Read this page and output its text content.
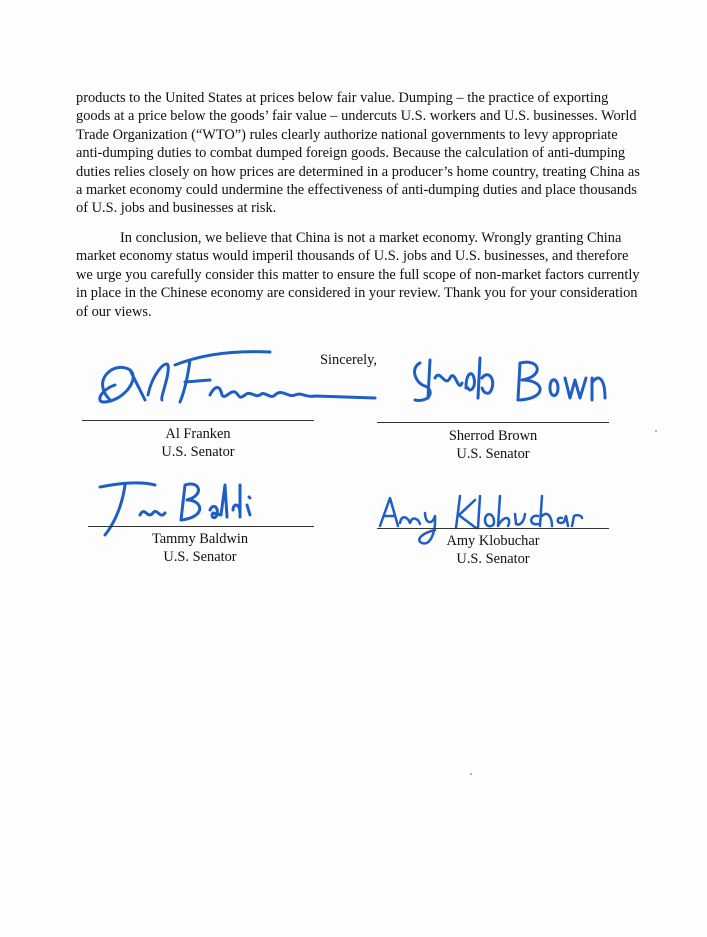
products to the United States at prices below fair value. Dumping – the practice of exporting goods at a price below the goods’ fair value – undercuts U.S. workers and U.S. businesses. World Trade Organization (“WTO”) rules clearly authorize national governments to levy appropriate anti-dumping duties to combat dumped foreign goods. Because the calculation of anti-dumping duties relies closely on how prices are determined in a producer’s home country, treating China as a market economy could undermine the effectiveness of anti-dumping duties and place thousands of U.S. jobs and businesses at risk.

In conclusion, we believe that China is not a market economy. Wrongly granting China market economy status would imperil thousands of U.S. jobs and U.S. businesses, and therefore we urge you carefully consider this matter to ensure the full scope of non-market factors currently in place in the Chinese economy are considered in your review. Thank you for your consideration of our views.

Sincerely,
Al Franken
U.S. Senator
Sherrod Brown
U.S. Senator
Tammy Baldwin
U.S. Senator
Amy Klobuchar
U.S. Senator
